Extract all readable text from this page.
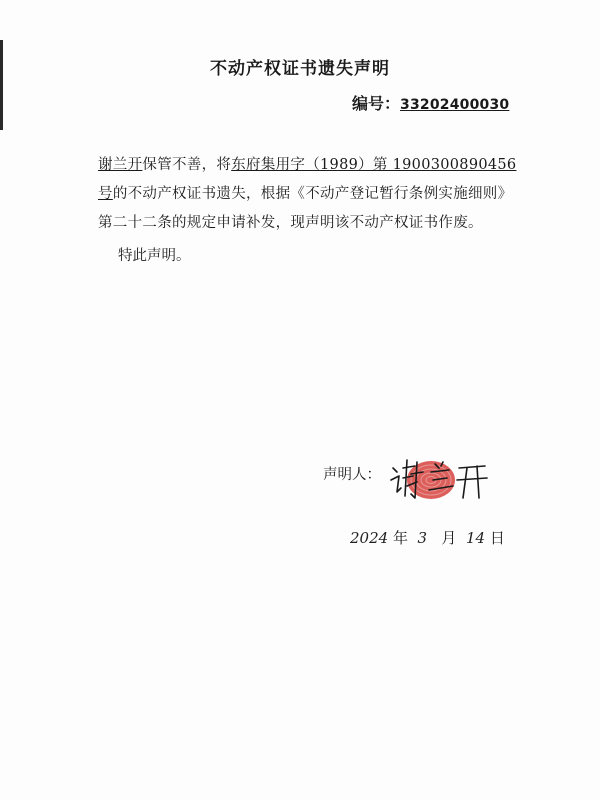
不动产权证书遗失声明
编号：33202400030

谢兰开保管不善，将东府集用字（1989）第 1900300890456 号的不动产权证书遗失，根据《不动产登记暂行条例实施细则》第二十二条的规定申请补发，现声明该不动产权证书作废。

特此声明。
声明人：
2024 年 3 月 14 日
